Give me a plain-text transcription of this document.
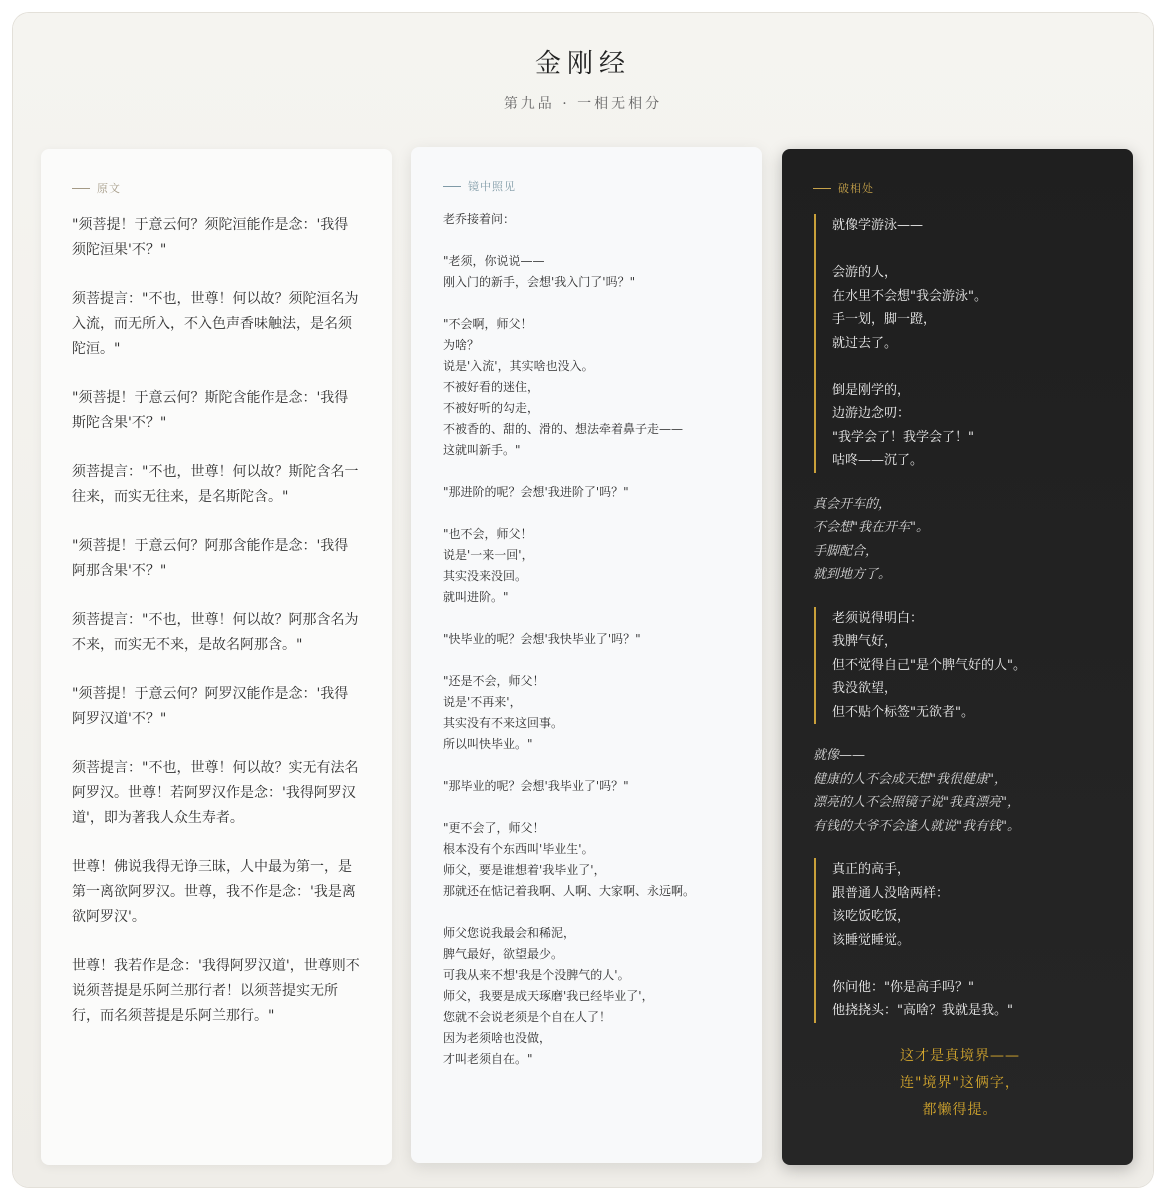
金刚经
第九品 · 一相无相分
原文

"须菩提！于意云何？须陀洹能作是念：'我得须陀洹果'不？"

须菩提言："不也，世尊！何以故？须陀洹名为入流，而无所入，不入色声香味触法，是名须陀洹。"

"须菩提！于意云何？斯陀含能作是念：'我得斯陀含果'不？"

须菩提言："不也，世尊！何以故？斯陀含名一往来，而实无往来，是名斯陀含。"

"须菩提！于意云何？阿那含能作是念：'我得阿那含果'不？"

须菩提言："不也，世尊！何以故？阿那含名为不来，而实无不来，是故名阿那含。"

"须菩提！于意云何？阿罗汉能作是念：'我得阿罗汉道'不？"

须菩提言："不也，世尊！何以故？实无有法名阿罗汉。世尊！若阿罗汉作是念：'我得阿罗汉道'，即为著我人众生寿者。

世尊！佛说我得无诤三昧，人中最为第一，是第一离欲阿罗汉。世尊，我不作是念：'我是离欲阿罗汉'。

世尊！我若作是念：'我得阿罗汉道'，世尊则不说须菩提是乐阿兰那行者！以须菩提实无所行，而名须菩提是乐阿兰那行。"

镜中照见
老乔接着问：
"老须，你说说——
刚入门的新手，会想'我入门了'吗？"
"不会啊，师父！
为啥？
说是'入流'，其实啥也没入。
不被好看的迷住，
不被好听的勾走，
不被香的、甜的、滑的、想法牵着鼻子走——
这就叫新手。"
"那进阶的呢？会想'我进阶了'吗？"
"也不会，师父！
说是'一来一回'，
其实没来没回。
就叫进阶。"
"快毕业的呢？会想'我快毕业了'吗？"
"还是不会，师父！
说是'不再来'，
其实没有不来这回事。
所以叫快毕业。"
"那毕业的呢？会想'我毕业了'吗？"
"更不会了，师父！
根本没有个东西叫'毕业生'。
师父，要是谁想着'我毕业了'，
那就还在惦记着我啊、人啊、大家啊、永远啊。
师父您说我最会和稀泥，
脾气最好，欲望最少。
可我从来不想'我是个没脾气的人'。
师父，我要是成天琢磨'我已经毕业了'，
您就不会说老须是个自在人了！
因为老须啥也没做，
才叫老须自在。"
破相处
就像学游泳——
会游的人，
在水里不会想"我会游泳"。
手一划，脚一蹬，
就过去了。
倒是刚学的，
边游边念叨：
"我学会了！我学会了！"
咕咚——沉了。
真会开车的，
不会想"我在开车"。
手脚配合，
就到地方了。
老须说得明白：
我脾气好，
但不觉得自己"是个脾气好的人"。
我没欲望，
但不贴个标签"无欲者"。
就像——
健康的人不会成天想"我很健康"，
漂亮的人不会照镜子说"我真漂亮"，
有钱的大爷不会逢人就说"我有钱"。
真正的高手，
跟普通人没啥两样：
该吃饭吃饭，
该睡觉睡觉。
你问他："你是高手吗？"
他挠挠头："高啥？我就是我。"
这才是真境界——
连"境界"这俩字，
都懒得提。
